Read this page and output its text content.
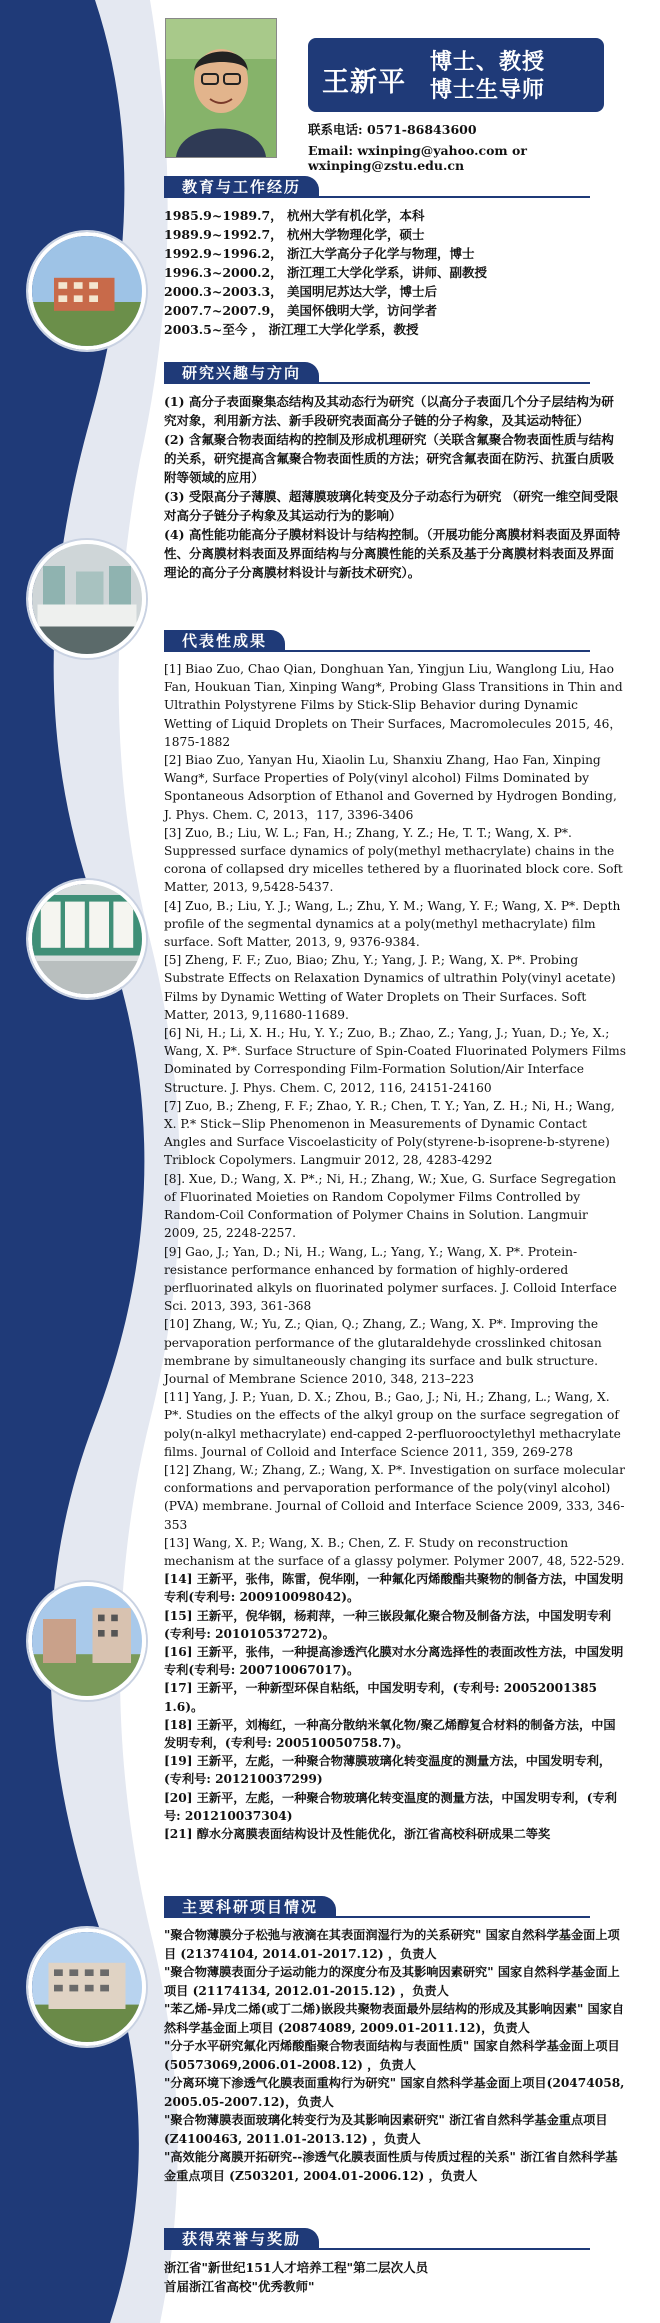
王新平
博士、教授
博士生导师
联系电话: 0571-86843600
Email: wxinping@yahoo.com or wxinping@zstu.edu.cn
教育与工作经历
1985.9~1989.7， 杭州大学有机化学，本科
1989.9~1992.7， 杭州大学物理化学，硕士
1992.9~1996.2， 浙江大学高分子化学与物理，博士
1996.3~2000.2， 浙江理工大学化学系，讲师、副教授
2000.3~2003.3， 美国明尼苏达大学，博士后
2007.7~2007.9， 美国怀俄明大学，访问学者
2003.5~至今 ， 浙江理工大学化学系，教授
研究兴趣与方向
(1) 高分子表面聚集态结构及其动态行为研究（以高分子表面几个分子层结构为研究对象，利用新方法、新手段研究表面高分子链的分子构象，及其运动特征）
(2) 含氟聚合物表面结构的控制及形成机理研究（关联含氟聚合物表面性质与结构的关系，研究提高含氟聚合物表面性质的方法；研究含氟表面在防污、抗蛋白质吸附等领域的应用）
(3) 受限高分子薄膜、超薄膜玻璃化转变及分子动态行为研究 （研究一维空间受限对高分子链分子构象及其运动行为的影响）
(4) 高性能功能高分子膜材料设计与结构控制。（开展功能分离膜材料表面及界面特性、分离膜材料表面及界面结构与分离膜性能的关系及基于分离膜材料表面及界面理论的高分子分离膜材料设计与新技术研究）。
代表性成果

[1] Biao Zuo, Chao Qian, Donghuan Yan, Yingjun Liu, Wanglong Liu, Hao Fan, Houkuan Tian, Xinping Wang*, Probing Glass Transitions in Thin and Ultrathin Polystyrene Films by Stick-Slip Behavior during Dynamic Wetting of Liquid Droplets on Their Surfaces, Macromolecules 2015, 46，1875-1882

[2] Biao Zuo, Yanyan Hu, Xiaolin Lu, Shanxiu Zhang, Hao Fan, Xinping Wang*, Surface Properties of Poly(vinyl alcohol) Films Dominated by Spontaneous Adsorption of Ethanol and Governed by Hydrogen Bonding, J. Phys. Chem. C, 2013，117, 3396-3406

[3] Zuo, B.; Liu, W. L.; Fan, H.; Zhang, Y. Z.; He, T. T.; Wang, X. P*. Suppressed surface dynamics of poly(methyl methacrylate) chains in the corona of collapsed dry micelles tethered by a fluorinated block core. Soft Matter, 2013, 9,5428-5437.

[4] Zuo, B.; Liu, Y. J.; Wang, L.; Zhu, Y. M.; Wang, Y. F.; Wang, X. P*. Depth profile of the segmental dynamics at a poly(methyl methacrylate) film surface. Soft Matter, 2013, 9, 9376-9384.

[5] Zheng, F. F.; Zuo, Biao; Zhu, Y.; Yang, J. P.; Wang, X. P*. Probing Substrate Effects on Relaxation Dynamics of ultrathin Poly(vinyl acetate) Films by Dynamic Wetting of Water Droplets on Their Surfaces. Soft Matter, 2013, 9,11680-11689.

[6] Ni, H.; Li, X. H.; Hu, Y. Y.; Zuo, B.; Zhao, Z.; Yang, J.; Yuan, D.; Ye, X.; Wang, X. P*. Surface Structure of Spin-Coated Fluorinated Polymers Films Dominated by Corresponding Film-Formation Solution/Air Interface Structure. J. Phys. Chem. C, 2012, 116, 24151-24160

[7] Zuo, B.; Zheng, F. F.; Zhao, Y. R.; Chen, T. Y.; Yan, Z. H.; Ni, H.; Wang, X. P.* Stick−Slip Phenomenon in Measurements of Dynamic Contact Angles and Surface Viscoelasticity of Poly(styrene-b-isoprene-b-styrene) Triblock Copolymers. Langmuir 2012, 28, 4283-4292

[8]. Xue, D.; Wang, X. P*.; Ni, H.; Zhang, W.; Xue, G. Surface Segregation of Fluorinated Moieties on Random Copolymer Films Controlled by Random-Coil Conformation of Polymer Chains in Solution. Langmuir 2009, 25, 2248-2257.

[9] Gao, J.; Yan, D.; Ni, H.; Wang, L.; Yang, Y.; Wang, X. P*. Protein-resistance performance enhanced by formation of highly-ordered perfluorinated alkyls on fluorinated polymer surfaces. J. Colloid Interface Sci. 2013, 393, 361-368

[10] Zhang, W.; Yu, Z.; Qian, Q.; Zhang, Z.; Wang, X. P*. Improving the pervaporation performance of the glutaraldehyde crosslinked chitosan membrane by simultaneously changing its surface and bulk structure. Journal of Membrane Science 2010, 348, 213–223

[11] Yang, J. P.; Yuan, D. X.; Zhou, B.; Gao, J.; Ni, H.; Zhang, L.; Wang, X. P*. Studies on the effects of the alkyl group on the surface segregation of poly(n-alkyl methacrylate) end-capped 2-perfluorooctylethyl methacrylate films. Journal of Colloid and Interface Science 2011, 359, 269-278

[12] Zhang, W.; Zhang, Z.; Wang, X. P*. Investigation on surface molecular conformations and pervaporation performance of the poly(vinyl alcohol) (PVA) membrane. Journal of Colloid and Interface Science 2009, 333, 346-353

[13] Wang, X. P.; Wang, X. B.; Chen, Z. F. Study on reconstruction mechanism at the surface of a glassy polymer. Polymer 2007, 48, 522-529.

[14] 王新平，张伟，陈雷，倪华刚，一种氟化丙烯酸酯共聚物的制备方法，中国发明专利(专利号: 200910098042)。

[15] 王新平，倪华钢，杨莉萍，一种三嵌段氟化聚合物及制备方法，中国发明专利(专利号: 201010537272)。

[16] 王新平，张伟，一种提高渗透汽化膜对水分离选择性的表面改性方法，中国发明专利(专利号: 200710067017)。

[17] 王新平，一种新型环保自粘纸，中国发明专利，(专利号: 20052001385 1.6)。

[18] 王新平，刘梅红，一种高分散纳米氧化物/聚乙烯醇复合材料的制备方法，中国发明专利，(专利号: 200510050758.7)。

[19] 王新平，左彪，一种聚合物薄膜玻璃化转变温度的测量方法，中国发明专利，(专利号: 201210037299)

[20] 王新平，左彪，一种聚合物玻璃化转变温度的测量方法，中国发明专利，(专利号: 201210037304)

[21] 醇水分离膜表面结构设计及性能优化，浙江省高校科研成果二等奖

主要科研项目情况

"聚合物薄膜分子松弛与液滴在其表面润湿行为的关系研究" 国家自然科学基金面上项目 (21374104, 2014.01-2017.12) ，负责人

"聚合物薄膜表面分子运动能力的深度分布及其影响因素研究" 国家自然科学基金面上项目 (21174134, 2012.01-2015.12) ，负责人

"苯乙烯-异戊二烯(或丁二烯)嵌段共聚物表面最外层结构的形成及其影响因素" 国家自然科学基金面上项目 (20874089, 2009.01-2011.12)，负责人

"分子水平研究氟化丙烯酸酯聚合物表面结构与表面性质" 国家自然科学基金面上项目 (50573069,2006.01-2008.12) ，负责人

"分离环境下渗透气化膜表面重构行为研究" 国家自然科学基金面上项目(20474058, 2005.05-2007.12)，负责人

"聚合物薄膜表面玻璃化转变行为及其影响因素研究" 浙江省自然科学基金重点项目 (Z4100463, 2011.01-2013.12) ，负责人

"高效能分离膜开拓研究--渗透气化膜表面性质与传质过程的关系" 浙江省自然科学基金重点项目 (Z503201, 2004.01-2006.12) ，负责人

获得荣誉与奖励
浙江省"新世纪151人才培养工程"第二层次人员
首届浙江省高校"优秀教师"
